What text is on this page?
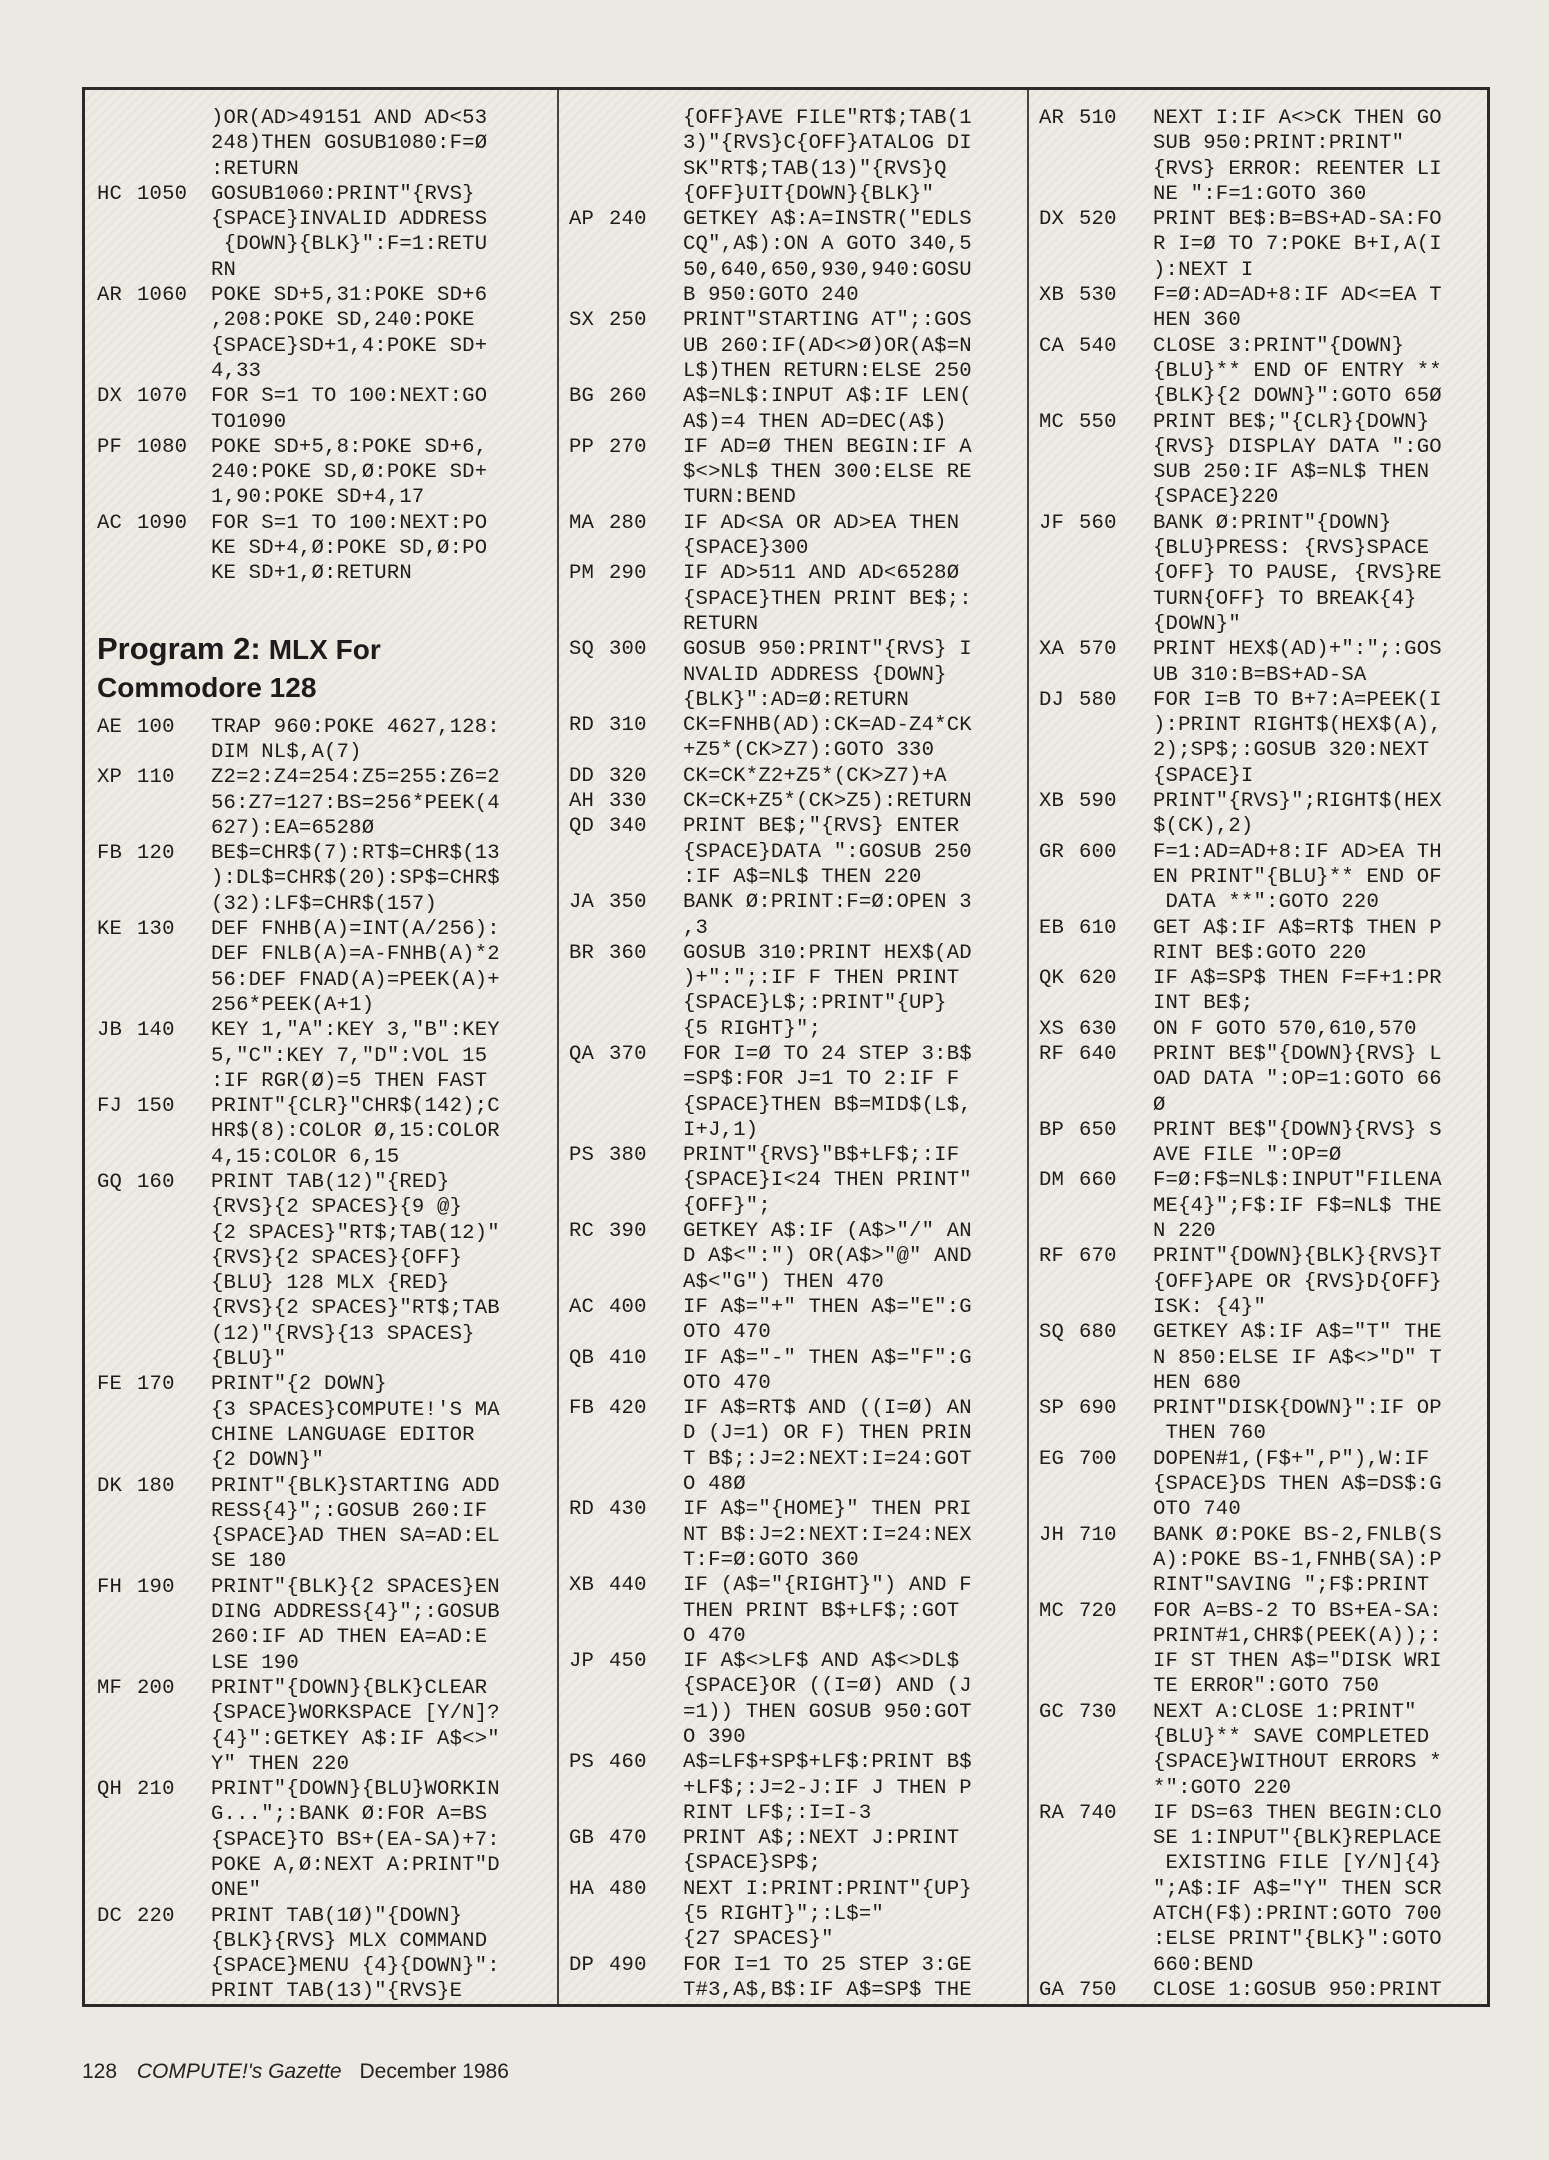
)OR(AD>49151 AND AD<53
248)THEN GOSUB1080:F=Ø
:RETURN
HC 1050	GOSUB1060:PRINT"{RVS}
{SPACE}INVALID ADDRESS
{DOWN}{BLK}":F=1:RETU
RN
AR 1060	POKE SD+5,31:POKE SD+6
,208:POKE SD,240:POKE
{SPACE}SD+1,4:POKE SD+
4,33
DX 1070	FOR S=1 TO 100:NEXT:GO
TO1090
PF 1080	POKE SD+5,8:POKE SD+6,
240:POKE SD,Ø:POKE SD+
1,90:POKE SD+4,17
AC 1090	FOR S=1 TO 100:NEXT:PO
KE SD+4,Ø:POKE SD,Ø:PO
KE SD+1,Ø:RETURN
Program 2: MLX For Commodore 128
AE 100	TRAP 960:POKE 4627,128:
DIM NL$,A(7)
XP 110	Z2=2:Z4=254:Z5=255:Z6=2
56:Z7=127:BS=256*PEEK(4
627):EA=6528Ø
FB 120	BE$=CHR$(7):RT$=CHR$(13
):DL$=CHR$(20):SP$=CHR$
(32):LF$=CHR$(157)
KE 130	DEF FNHB(A)=INT(A/256):
DEF FNLB(A)=A-FNHB(A)*2
56:DEF FNAD(A)=PEEK(A)+
256*PEEK(A+1)
JB 140	KEY 1,"A":KEY 3,"B":KEY
5,"C":KEY 7,"D":VOL 15
:IF RGR(Ø)=5 THEN FAST
FJ 150	PRINT"{CLR}"CHR$(142);C
HR$(8):COLOR Ø,15:COLOR
4,15:COLOR 6,15
GQ 160	PRINT TAB(12)"{RED}
{RVS}{2 SPACES}{9 @}
{2 SPACES}"RT$;TAB(12)"
{RVS}{2 SPACES}{OFF}
{BLU} 128 MLX {RED}
{RVS}{2 SPACES}"RT$;TAB
(12)"{RVS}{13 SPACES}
{BLU}"
FE 170	PRINT"{2 DOWN}
{3 SPACES}COMPUTE!'S MA
CHINE LANGUAGE EDITOR
{2 DOWN}"
DK 180	PRINT"{BLK}STARTING ADD
RESS{4}";:GOSUB 260:IF
{SPACE}AD THEN SA=AD:EL
SE 180
FH 190	PRINT"{BLK}{2 SPACES}EN
DING ADDRESS{4}";:GOSUB
260:IF AD THEN EA=AD:E
LSE 190
MF 200	PRINT"{DOWN}{BLK}CLEAR
{SPACE}WORKSPACE [Y/N]?
{4}":GETKEY A$:IF A$<>"
Y" THEN 220
QH 210	PRINT"{DOWN}{BLU}WORKIN
G...";:BANK Ø:FOR A=BS
{SPACE}TO BS+(EA-SA)+7:
POKE A,Ø:NEXT A:PRINT"D
ONE"
DC 220	PRINT TAB(1Ø)"{DOWN}
{BLK}{RVS} MLX COMMAND
{SPACE}MENU {4}{DOWN}":
PRINT TAB(13)"{RVS}E
{OFF}AVE FILE"RT$;TAB(1
3)"{RVS}C{OFF}ATALOG DI
SK"RT$;TAB(13)"{RVS}Q
{OFF}UIT{DOWN}{BLK}"
AP 240	GETKEY A$:A=INSTR("EDLS
CQ",A$):ON A GOTO 340,5
50,640,650,930,940:GOSU
B 950:GOTO 240
SX 250	PRINT"STARTING AT";:GOS
UB 260:IF(AD<>Ø)OR(A$=N
L$)THEN RETURN:ELSE 250
BG 260	A$=NL$:INPUT A$:IF LEN(
A$)=4 THEN AD=DEC(A$)
PP 270	IF AD=Ø THEN BEGIN:IF A
$<>NL$ THEN 300:ELSE RE
TURN:BEND
MA 280	IF AD<SA OR AD>EA THEN
{SPACE}300
PM 290	IF AD>511 AND AD<6528Ø
{SPACE}THEN PRINT BE$;:
RETURN
SQ 300	GOSUB 950:PRINT"{RVS} I
NVALID ADDRESS {DOWN}
{BLK}":AD=Ø:RETURN
RD 310	CK=FNHB(AD):CK=AD-Z4*CK
+Z5*(CK>Z7):GOTO 330
DD 320	CK=CK*Z2+Z5*(CK>Z7)+A
AH 330	CK=CK+Z5*(CK>Z5):RETURN
QD 340	PRINT BE$;"{RVS} ENTER
{SPACE}DATA ":GOSUB 250
:IF A$=NL$ THEN 220
JA 350	BANK Ø:PRINT:F=Ø:OPEN 3
,3
BR 360	GOSUB 310:PRINT HEX$(AD
)+":";:IF F THEN PRINT
{SPACE}L$;:PRINT"{UP}
{5 RIGHT}";
QA 370	FOR I=Ø TO 24 STEP 3:B$
=SP$:FOR J=1 TO 2:IF F
{SPACE}THEN B$=MID$(L$,
I+J,1)
PS 380	PRINT"{RVS}"B$+LF$;:IF
{SPACE}I<24 THEN PRINT"
{OFF}";
RC 390	GETKEY A$:IF (A$>"/" AN
D A$<":") OR(A$>"@" AND
A$<"G") THEN 470
AC 400	IF A$="+" THEN A$="E":G
OTO 470
QB 410	IF A$="-" THEN A$="F":G
OTO 470
FB 420	IF A$=RT$ AND ((I=Ø) AN
D (J=1) OR F) THEN PRIN
T B$;:J=2:NEXT:I=24:GOT
O 48Ø
RD 430	IF A$="{HOME}" THEN PRI
NT B$:J=2:NEXT:I=24:NEX
T:F=Ø:GOTO 360
XB 440	IF (A$="{RIGHT}") AND F
THEN PRINT B$+LF$;:GOT
O 470
JP 450	IF A$<>LF$ AND A$<>DL$
{SPACE}OR ((I=Ø) AND (J
=1)) THEN GOSUB 950:GOT
O 390
PS 460	A$=LF$+SP$+LF$:PRINT B$
+LF$;:J=2-J:IF J THEN P
RINT LF$;:I=I-3
GB 470	PRINT A$;:NEXT J:PRINT
{SPACE}SP$;
HA 480	NEXT I:PRINT:PRINT"{UP}
{5 RIGHT}";:L$="
{27 SPACES}"
DP 490	FOR I=1 TO 25 STEP 3:GE
T#3,A$,B$:IF A$=SP$ THE
AR 510	NEXT I:IF A<>CK THEN GO
SUB 950:PRINT:PRINT"
{RVS} ERROR: REENTER LI
NE ":F=1:GOTO 360
DX 520	PRINT BE$:B=BS+AD-SA:FO
R I=Ø TO 7:POKE B+I,A(I
):NEXT I
XB 530	F=Ø:AD=AD+8:IF AD<=EA T
HEN 360
CA 540	CLOSE 3:PRINT"{DOWN}
{BLU}** END OF ENTRY **
{BLK}{2 DOWN}":GOTO 65Ø
MC 550	PRINT BE$;"{CLR}{DOWN}
{RVS} DISPLAY DATA ":GO
SUB 250:IF A$=NL$ THEN
{SPACE}220
JF 560	BANK Ø:PRINT"{DOWN}
{BLU}PRESS: {RVS}SPACE
{OFF} TO PAUSE, {RVS}RE
TURN{OFF} TO BREAK{4}
{DOWN}"
XA 570	PRINT HEX$(AD)+":";:GOS
UB 310:B=BS+AD-SA
DJ 580	FOR I=B TO B+7:A=PEEK(I
):PRINT RIGHT$(HEX$(A),
2);SP$;:GOSUB 320:NEXT
{SPACE}I
XB 590	PRINT"{RVS}";RIGHT$(HEX
$(CK),2)
GR 600	F=1:AD=AD+8:IF AD>EA TH
EN PRINT"{BLU}** END OF
DATA **":GOTO 220
EB 610	GET A$:IF A$=RT$ THEN P
RINT BE$:GOTO 220
QK 620	IF A$=SP$ THEN F=F+1:PR
INT BE$;
XS 630	ON F GOTO 570,610,570
RF 640	PRINT BE$"{DOWN}{RVS} L
OAD DATA ":OP=1:GOTO 66
Ø
BP 650	PRINT BE$"{DOWN}{RVS} S
AVE FILE ":OP=Ø
DM 660	F=Ø:F$=NL$:INPUT"FILENA
ME{4}";F$:IF F$=NL$ THE
N 220
RF 670	PRINT"{DOWN}{BLK}{RVS}T
{OFF}APE OR {RVS}D{OFF}
ISK: {4}"
SQ 680	GETKEY A$:IF A$="T" THE
N 850:ELSE IF A$<>"D" T
HEN 680
SP 690	PRINT"DISK{DOWN}":IF OP
THEN 760
EG 700	DOPEN#1,(F$+",P"),W:IF
{SPACE}DS THEN A$=DS$:G
OTO 740
JH 710	BANK Ø:POKE BS-2,FNLB(S
A):POKE BS-1,FNHB(SA):P
RINT"SAVING ";F$:PRINT
MC 720	FOR A=BS-2 TO BS+EA-SA:
PRINT#1,CHR$(PEEK(A));:
IF ST THEN A$="DISK WRI
TE ERROR":GOTO 750
GC 730	NEXT A:CLOSE 1:PRINT"
{BLU}** SAVE COMPLETED
{SPACE}WITHOUT ERRORS *
*":GOTO 220
RA 740	IF DS=63 THEN BEGIN:CLO
SE 1:INPUT"{BLK}REPLACE
EXISTING FILE [Y/N]{4}
";A$:IF A$="Y" THEN SCR
ATCH(F$):PRINT:GOTO 700
:ELSE PRINT"{BLK}":GOTO
660:BEND
GA 750	CLOSE 1:GOSUB 950:PRINT
128 COMPUTE!'s Gazette December 1986
